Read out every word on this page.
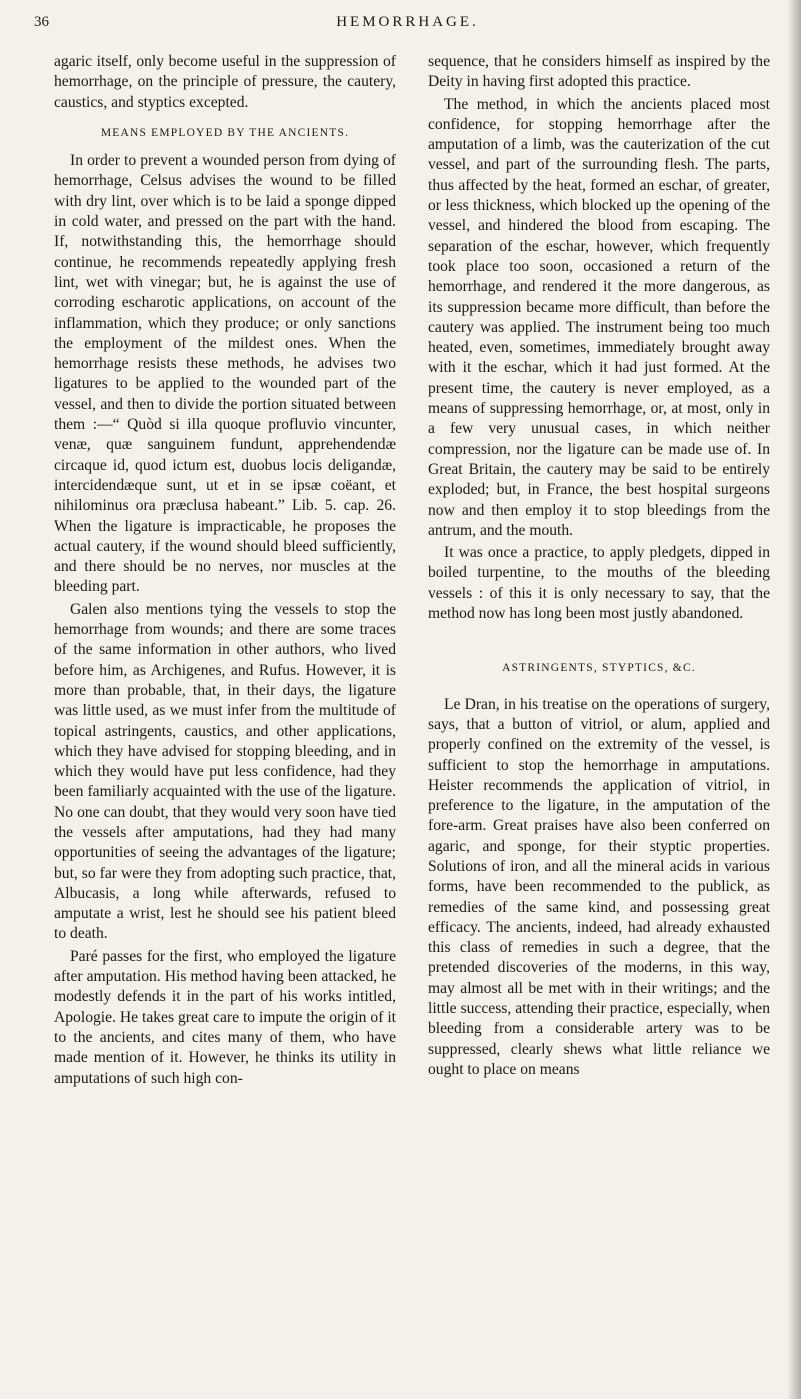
36	HEMORRHAGE.

agaric itself, only become useful in the suppression of hemorrhage, on the principle of pressure, the cautery, caustics, and styptics excepted.

MEANS EMPLOYED BY THE ANCIENTS.

In order to prevent a wounded person from dying of hemorrhage, Celsus advises the wound to be filled with dry lint, over which is to be laid a sponge dipped in cold water, and pressed on the part with the hand. If, notwithstanding this, the hemorrhage should continue, he recommends repeatedly applying fresh lint, wet with vinegar; but, he is against the use of corroding escharotic applications, on account of the inflammation, which they produce; or only sanctions the employment of the mildest ones. When the hemorrhage resists these methods, he advises two ligatures to be applied to the wounded part of the vessel, and then to divide the portion situated between them :—“ Quòd si illa quoque profluvio vincunter, venæ, quæ sanguinem fundunt, apprehendendæ circaque id, quod ictum est, duobus locis deligandæ, intercidendæque sunt, ut et in se ipsæ coëant, et nihilominus ora præclusa habeant.” Lib. 5. cap. 26. When the ligature is impracticable, he proposes the actual cautery, if the wound should bleed sufficiently, and there should be no nerves, nor muscles at the bleeding part.

Galen also mentions tying the vessels to stop the hemorrhage from wounds; and there are some traces of the same information in other authors, who lived before him, as Archigenes, and Rufus. However, it is more than probable, that, in their days, the ligature was little used, as we must infer from the multitude of topical astringents, caustics, and other applications, which they have advised for stopping bleeding, and in which they would have put less confidence, had they been familiarly acquainted with the use of the ligature. No one can doubt, that they would very soon have tied the vessels after amputations, had they had many opportunities of seeing the advantages of the ligature; but, so far were they from adopting such practice, that, Albucasis, a long while afterwards, refused to amputate a wrist, lest he should see his patient bleed to death.

Paré passes for the first, who employed the ligature after amputation. His method having been attacked, he modestly defends it in the part of his works intitled, Apologie. He takes great care to impute the origin of it to the ancients, and cites many of them, who have made mention of it. However, he thinks its utility in amputations of such high con-

sequence, that he considers himself as inspired by the Deity in having first adopted this practice.

The method, in which the ancients placed most confidence, for stopping hemorrhage after the amputation of a limb, was the cauterization of the cut vessel, and part of the surrounding flesh. The parts, thus affected by the heat, formed an eschar, of greater, or less thickness, which blocked up the opening of the vessel, and hindered the blood from escaping. The separation of the eschar, however, which frequently took place too soon, occasioned a return of the hemorrhage, and rendered it the more dangerous, as its suppression became more difficult, than before the cautery was applied. The instrument being too much heated, even, sometimes, immediately brought away with it the eschar, which it had just formed. At the present time, the cautery is never employed, as a means of suppressing hemorrhage, or, at most, only in a few very unusual cases, in which neither compression, nor the ligature can be made use of. In Great Britain, the cautery may be said to be entirely exploded; but, in France, the best hospital surgeons now and then employ it to stop bleedings from the antrum, and the mouth.

It was once a practice, to apply pledgets, dipped in boiled turpentine, to the mouths of the bleeding vessels : of this it is only necessary to say, that the method now has long been most justly abandoned.

ASTRINGENTS, STYPTICS, &C.

Le Dran, in his treatise on the operations of surgery, says, that a button of vitriol, or alum, applied and properly confined on the extremity of the vessel, is sufficient to stop the hemorrhage in amputations. Heister recommends the application of vitriol, in preference to the ligature, in the amputation of the fore-arm. Great praises have also been conferred on agaric, and sponge, for their styptic properties. Solutions of iron, and all the mineral acids in various forms, have been recommended to the publick, as remedies of the same kind, and possessing great efficacy. The ancients, indeed, had already exhausted this class of remedies in such a degree, that the pretended discoveries of the moderns, in this way, may almost all be met with in their writings; and the little success, attending their practice, especially, when bleeding from a considerable artery was to be suppressed, clearly shews what little reliance we ought to place on means
